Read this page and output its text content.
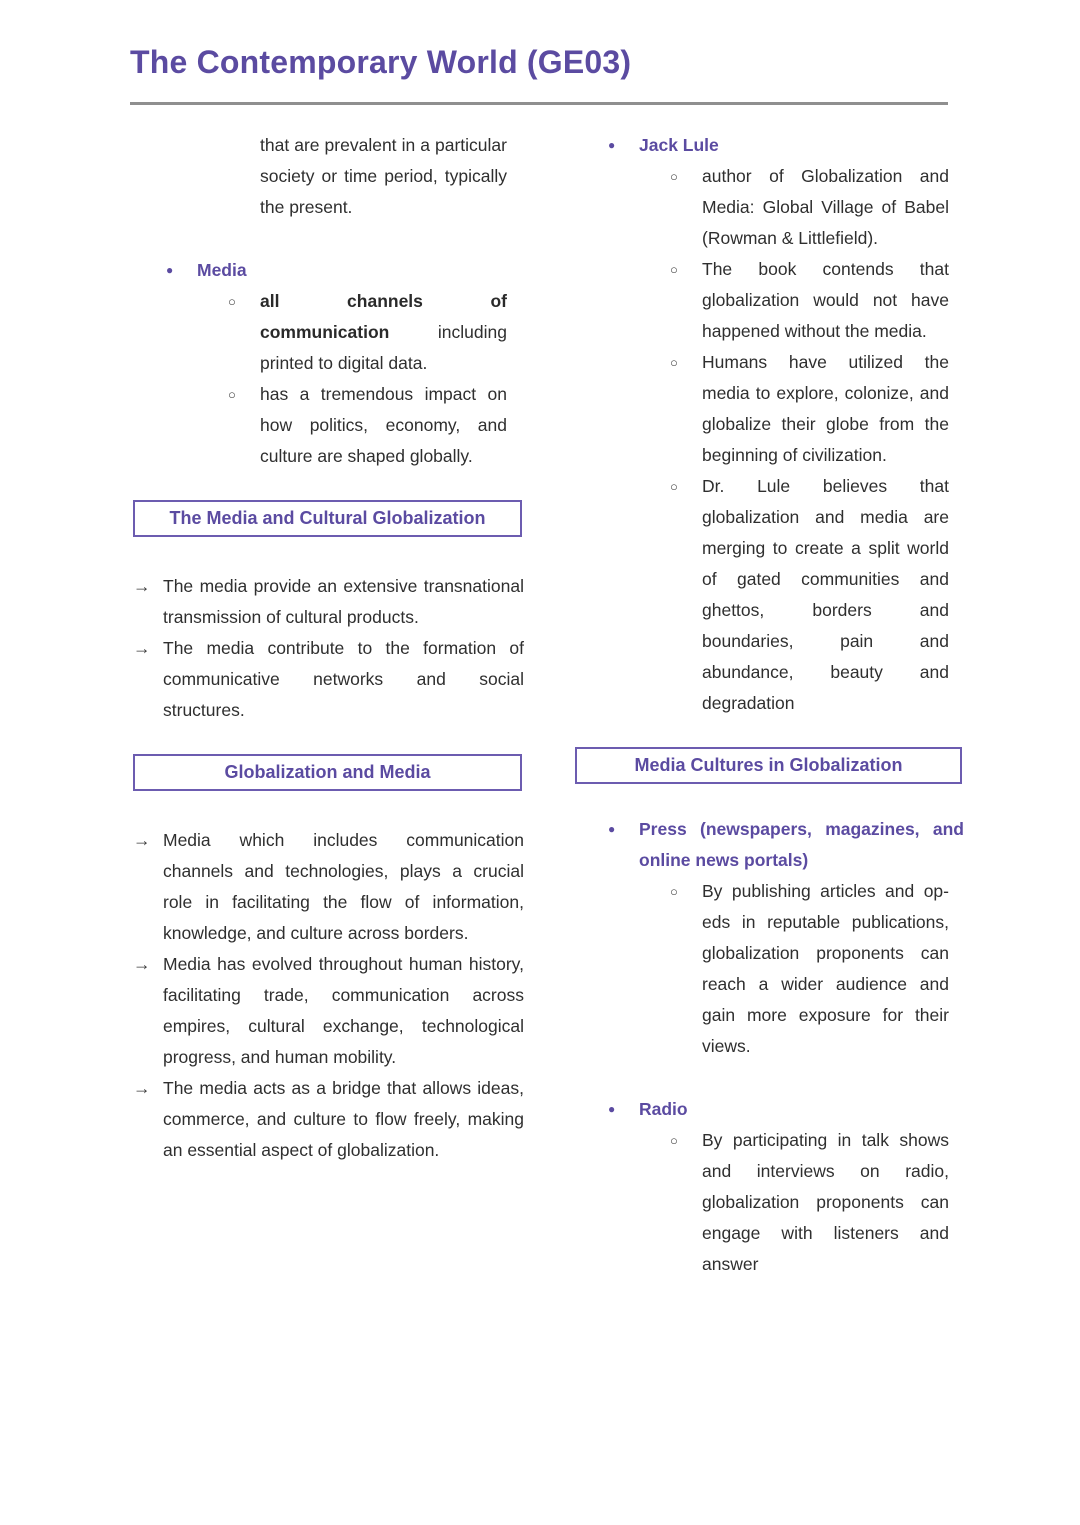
The Contemporary World (GE03)

that are prevalent in a particular society or time period, typically the present.

●	Media
○	all channels of communication including printed to digital data.

○	has a tremendous impact on how politics, economy, and culture are shaped globally.

The Media and Cultural Globalization
→ The media provide an extensive transnational transmission of cultural products.

→ The media contribute to the formation of communicative networks and social structures.

Globalization and Media
→ Media which includes communication channels and technologies, plays a crucial role in facilitating the flow of information, knowledge, and culture across borders.

→ Media has evolved throughout human history, facilitating trade, communication across empires, cultural exchange, technological progress, and human mobility.

→ The media acts as a bridge that allows ideas, commerce, and culture to flow freely, making an essential aspect of globalization.

●	Jack Lule
○	author of Globalization and Media: Global Village of Babel (Rowman & Littlefield).

○	The book contends that globalization would not have happened without the media.

○	Humans have utilized the media to explore, colonize, and globalize their globe from the beginning of civilization.

○	Dr. Lule believes that globalization and media are merging to create a split world of gated communities and ghettos, borders and boundaries, pain and abundance, beauty and degradation

Media Cultures in Globalization
●	Press (newspapers, magazines, and online news portals)
○	By publishing articles and op-eds in reputable publications, globalization proponents can reach a wider audience and gain more exposure for their views.

●	Radio
○	By participating in talk shows and interviews on radio, globalization proponents can engage with listeners and answer
